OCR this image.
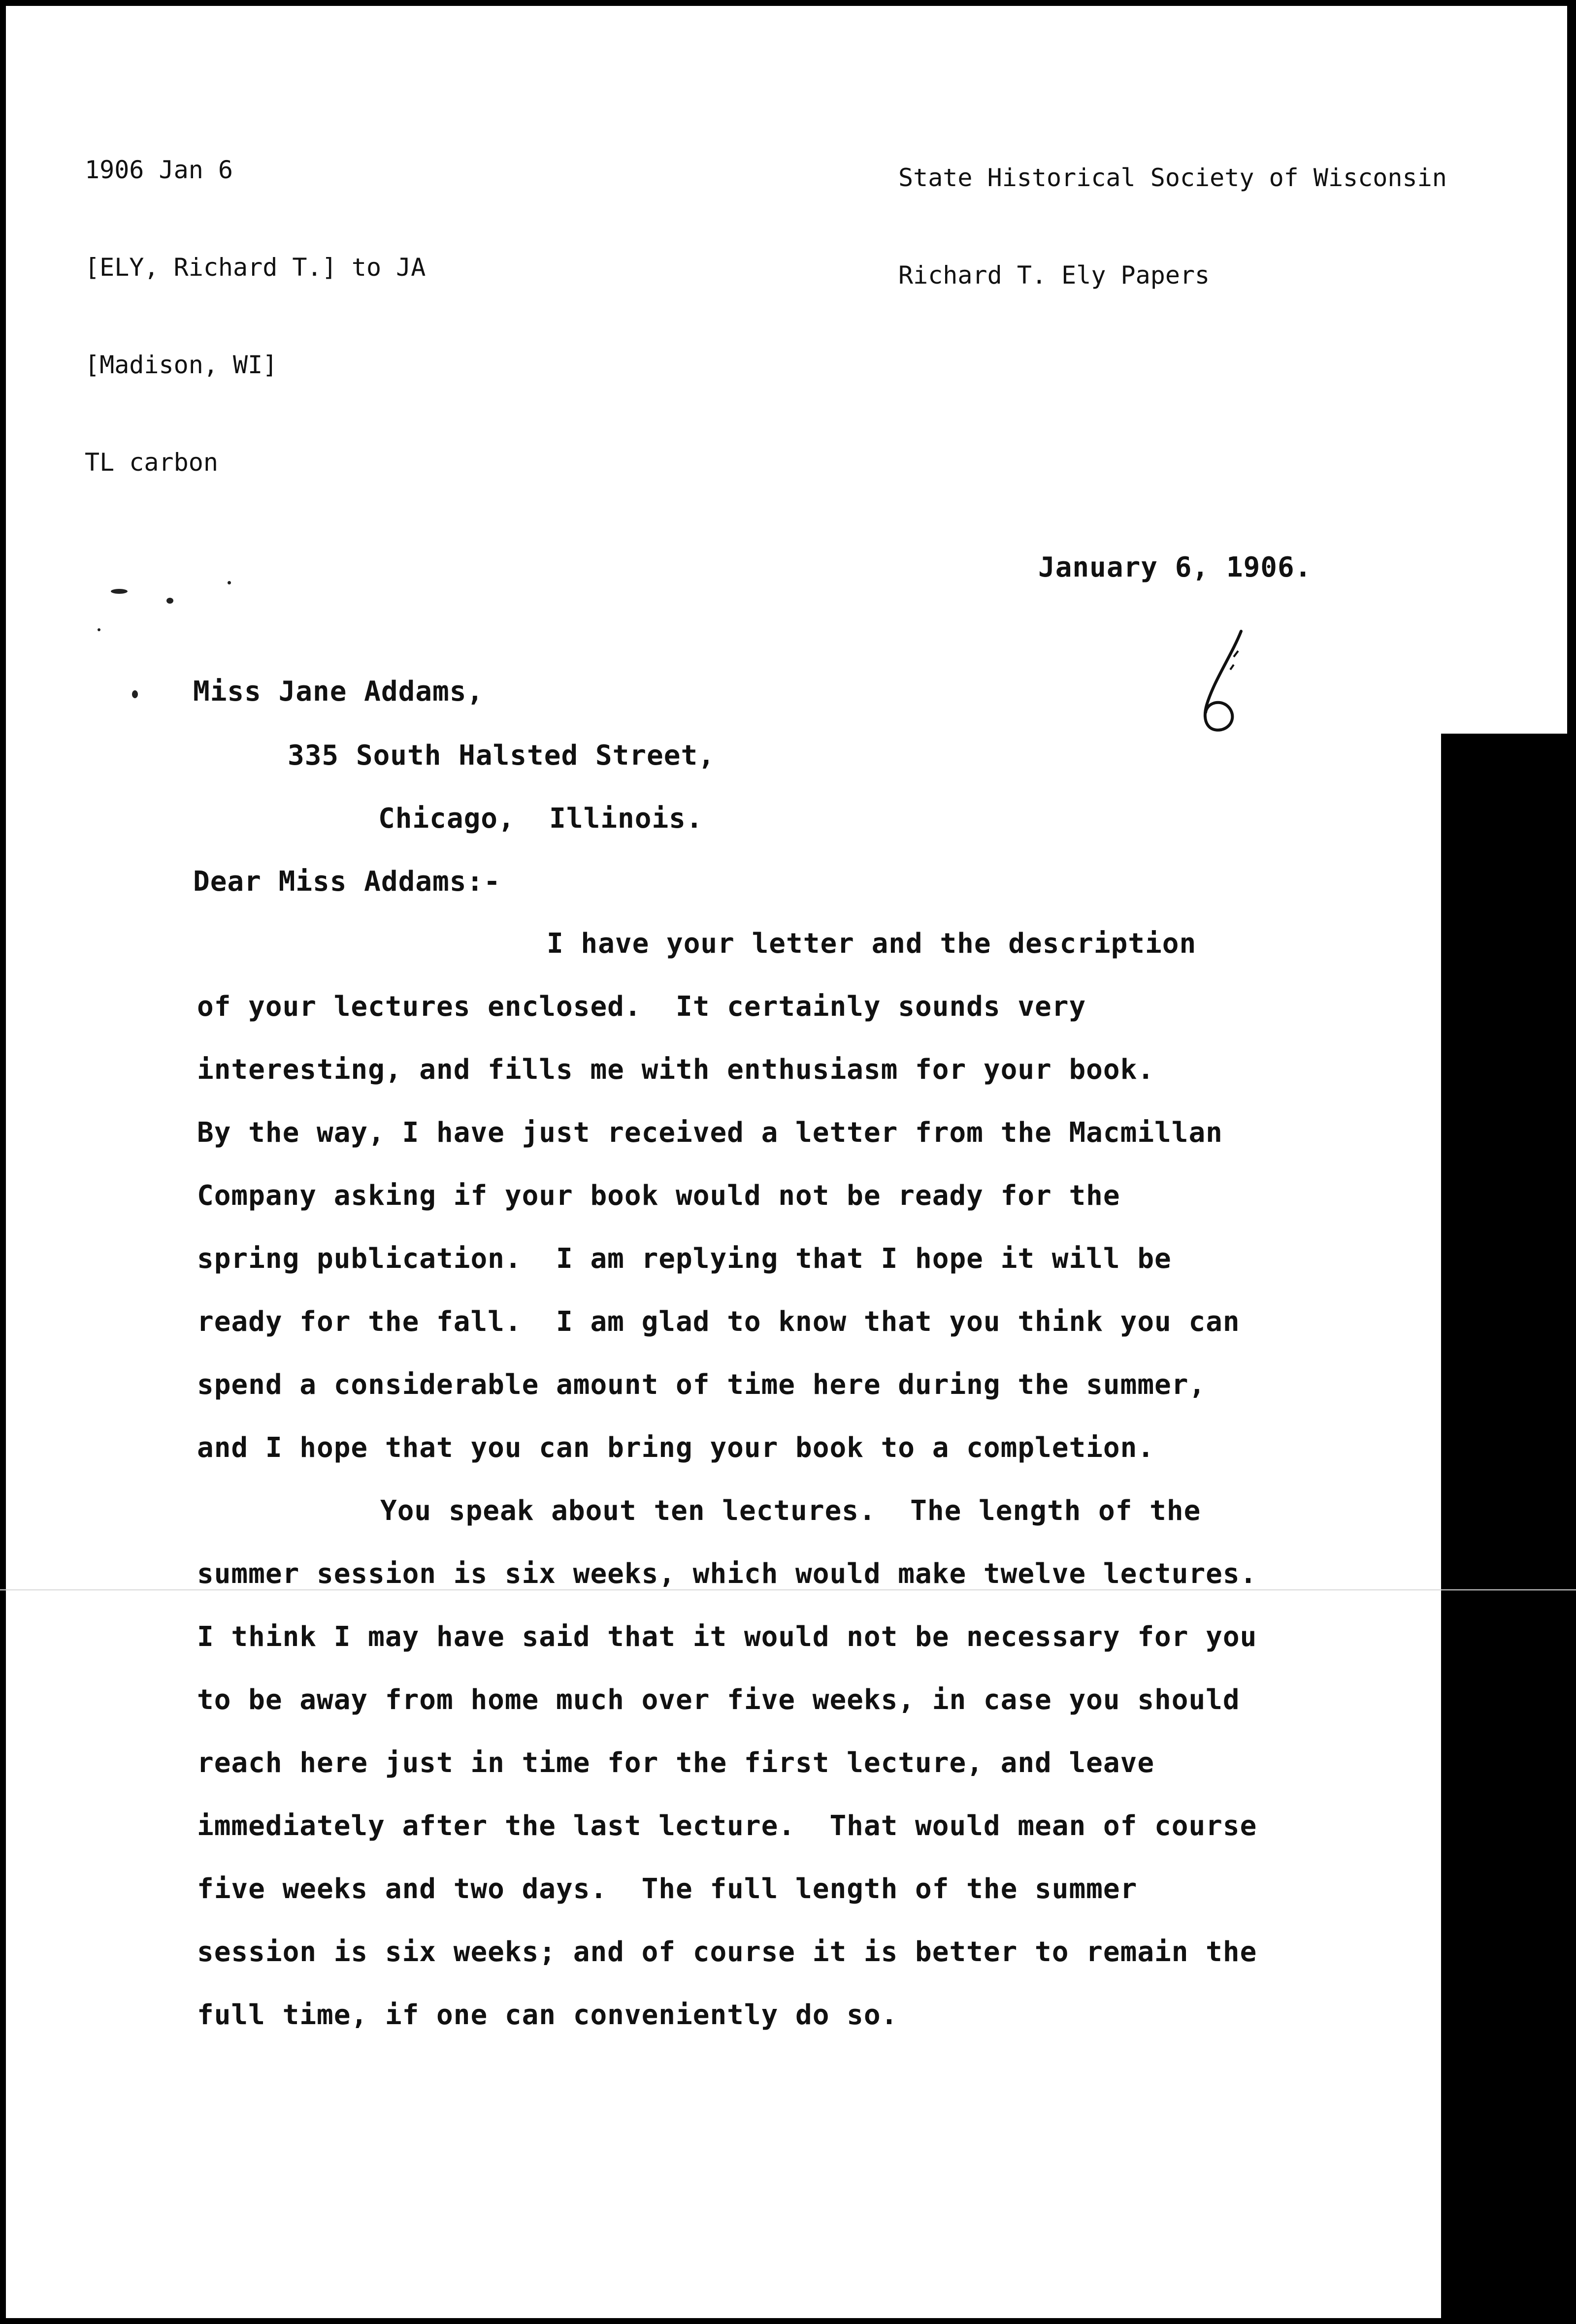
1906 Jan 6

[ELY, Richard T.] to JA

[Madison, WI]

TL carbon

State Historical Society of Wisconsin

Richard T. Ely Papers

January 6, 1906.
Miss Jane Addams,
335 South Halsted Street,
Chicago,  Illinois.
Dear Miss Addams:-
I have your letter and the description
of your lectures enclosed.  It certainly sounds very
interesting, and fills me with enthusiasm for your book.
By the way, I have just received a letter from the Macmillan
Company asking if your book would not be ready for the
spring publication.  I am replying that I hope it will be
ready for the fall.  I am glad to know that you think you can
spend a considerable amount of time here during the summer,
and I hope that you can bring your book to a completion.
You speak about ten lectures.  The length of the
summer session is six weeks, which would make twelve lectures.
I think I may have said that it would not be necessary for you
to be away from home much over five weeks, in case you should
reach here just in time for the first lecture, and leave
immediately after the last lecture.  That would mean of course
five weeks and two days.  The full length of the summer
session is six weeks; and of course it is better to remain the
full time, if one can conveniently do so.
